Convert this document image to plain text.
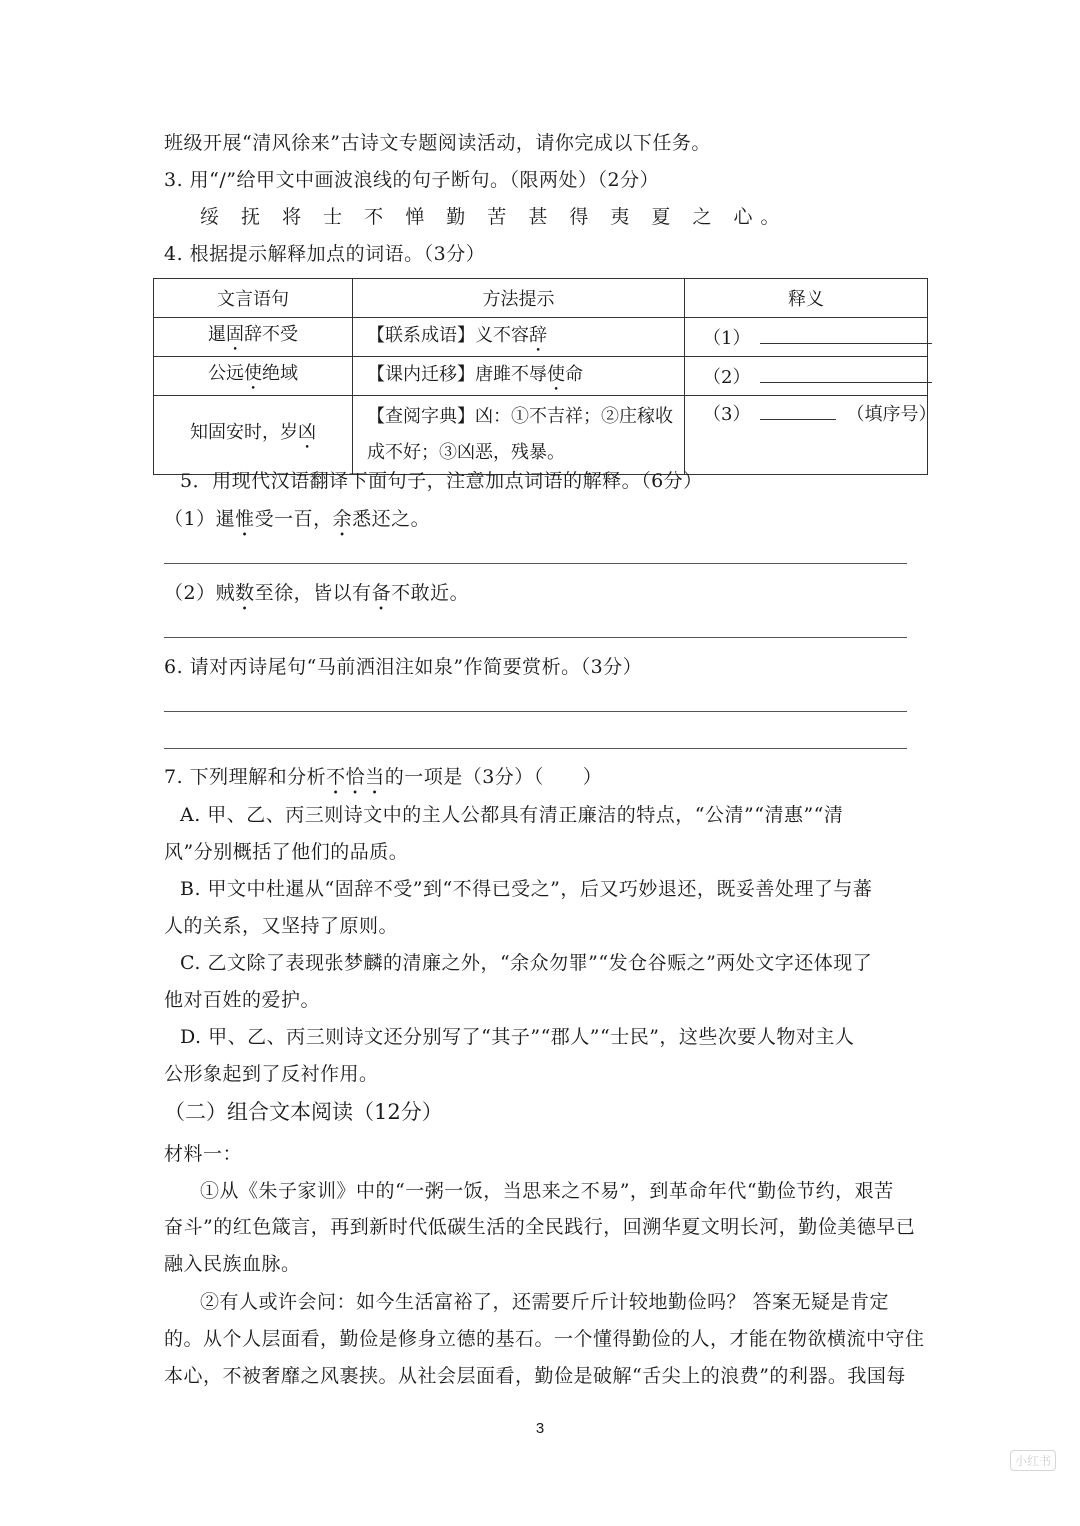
班级开展“清风徐来”古诗文专题阅读活动，请你完成以下任务。
3. 用“/”给甲文中画波浪线的句子断句。（限两处）（2分）
绥 抚 将 士 不 惮 勤 苦 甚 得 夷 夏 之 心。
4. 根据提示解释加点的词语。（3分）
文言语句	方法提示	释义
暹固辞不受	【联系成语】义不容辞	（1）
公远使绝域	【课内迁移】唐雎不辱使命	（2）
知固安时，岁凶	【查阅字典】凶：①不吉祥；②庄稼收成不好；③凶恶，残暴。	（3） （填序号）
5．用现代汉语翻译下面句子，注意加点词语的解释。（6分）
（1）暹惟受一百，余悉还之。
（2）贼数至徐，皆以有备不敢近。
6. 请对丙诗尾句“马前洒泪注如泉”作简要赏析。（3分）
7. 下列理解和分析不恰当的一项是（3分）（　　）
A. 甲、乙、丙三则诗文中的主人公都具有清正廉洁的特点，“公清”“清惠”“清
风”分别概括了他们的品质。
B. 甲文中杜暹从“固辞不受”到“不得已受之”，后又巧妙退还，既妥善处理了与蕃
人的关系，又坚持了原则。
C. 乙文除了表现张梦麟的清廉之外，“余众勿罪”“发仓谷赈之”两处文字还体现了
他对百姓的爱护。
D. 甲、乙、丙三则诗文还分别写了“其子”“郡人”“士民”，这些次要人物对主人
公形象起到了反衬作用。
（二）组合文本阅读（12分）
材料一：
①从《朱子家训》中的“一粥一饭，当思来之不易”，到革命年代“勤俭节约，艰苦
奋斗”的红色箴言，再到新时代低碳生活的全民践行，回溯华夏文明长河，勤俭美德早已
融入民族血脉。
②有人或许会问：如今生活富裕了，还需要斤斤计较地勤俭吗？ 答案无疑是肯定
的。从个人层面看，勤俭是修身立德的基石。一个懂得勤俭的人，才能在物欲横流中守住
本心，不被奢靡之风裹挟。从社会层面看，勤俭是破解“舌尖上的浪费”的利器。我国每
3
小红书
